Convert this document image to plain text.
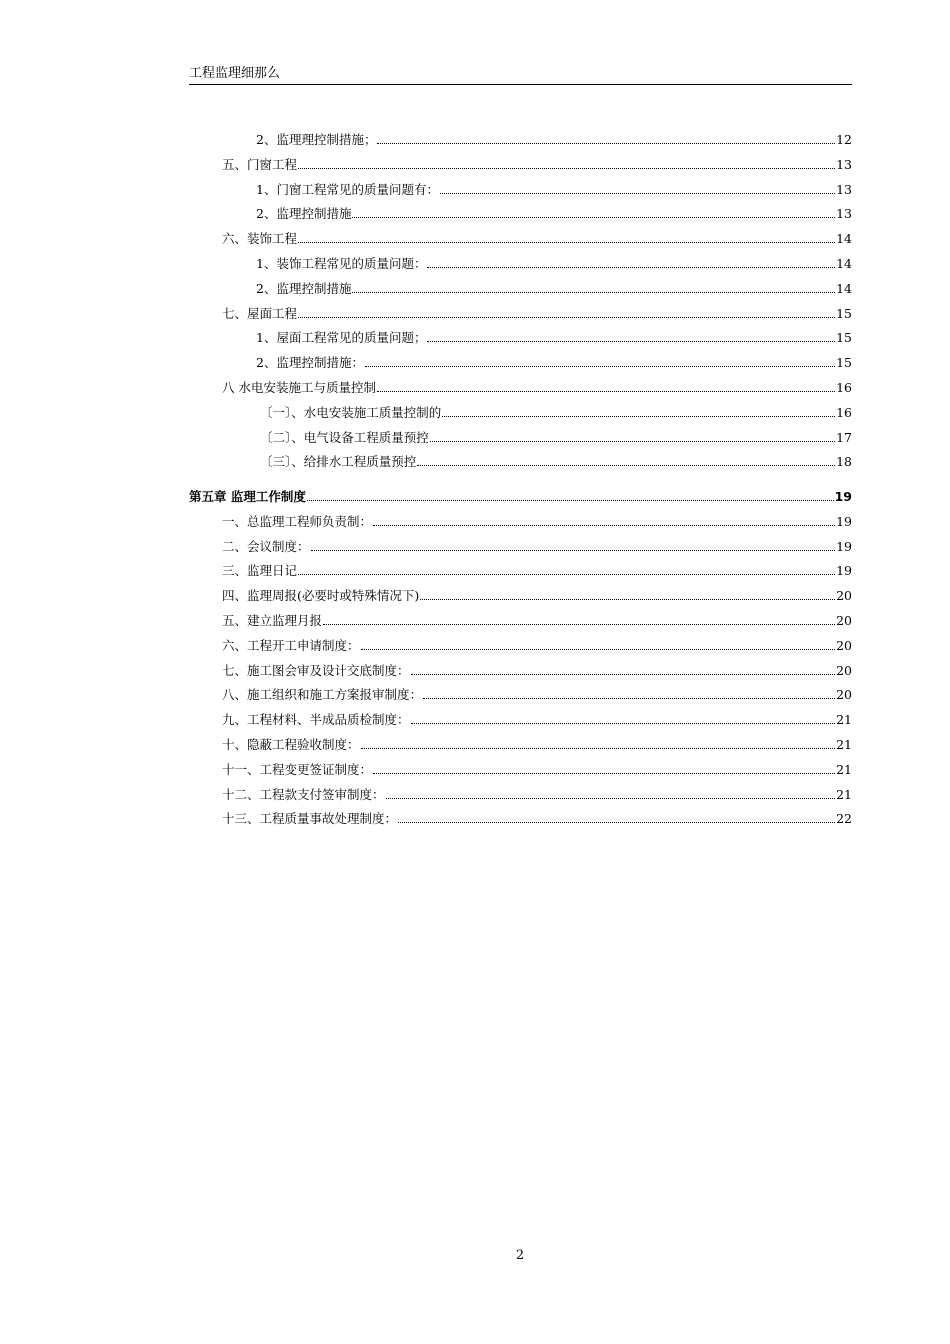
工程监理细那么
2、监理理控制措施；	12
五、门窗工程	13
1、门窗工程常见的质量问题有：	13
2、监理控制措施	13
六、装饰工程	14
1、装饰工程常见的质量问题：	14
2、监理控制措施	14
七、屋面工程	15
1、屋面工程常见的质量问题；	15
2、监理控制措施：	15
八 水电安装施工与质量控制	16
〔一〕、水电安装施工质量控制的	16
〔二〕、电气设备工程质量预控	17
〔三〕、给排水工程质量预控	18
第五章 监理工作制度	19
一、总监理工程师负责制：	19
二、会议制度：	19
三、监理日记	19
四、监理周报(必要时或特殊情况下)	20
五、建立监理月报	20
六、工程开工申请制度：	20
七、施工图会审及设计交底制度：	20
八、施工组织和施工方案报审制度：	20
九、工程材料、半成品质检制度：	21
十、隐蔽工程验收制度：	21
十一、工程变更签证制度：	21
十二、工程款支付签审制度：	21
十三、工程质量事故处理制度：	22
2
